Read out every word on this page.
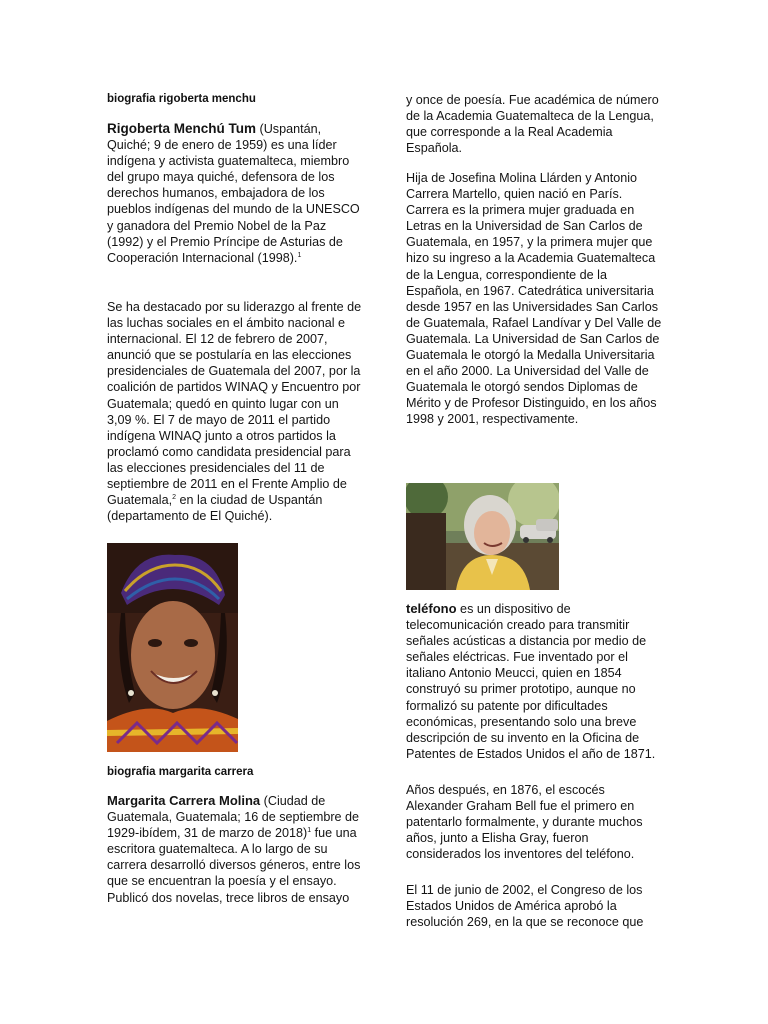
biografia rigoberta menchu

Rigoberta Menchú Tum (Uspantán, Quiché; 9 de enero de 1959) es una líder indígena y activista guatemalteca, miembro del grupo maya quiché, defensora de los derechos humanos, embajadora de los pueblos indígenas del mundo de la UNESCO y ganadora del Premio Nobel de la Paz (1992) y el Premio Príncipe de Asturias de Cooperación Internacional (1998).$^1$

Se ha destacado por su liderazgo al frente de las luchas sociales en el ámbito nacional e internacional. El 12 de febrero de 2007, anunció que se postularía en las elecciones presidenciales de Guatemala del 2007, por la coalición de partidos WINAQ y Encuentro por Guatemala; quedó en quinto lugar con un 3,09 %. El 7 de mayo de 2011 el partido indígena WINAQ junto a otros partidos la proclamó como candidata presidencial para las elecciones presidenciales del 11 de septiembre de 2011 en el Frente Amplio de Guatemala,$^2$ en la ciudad de Uspantán (departamento de El Quiché).

biografia margarita carrera

Margarita Carrera Molina (Ciudad de Guatemala, Guatemala; 16 de septiembre de 1929-ibídem, 31 de marzo de 2018)$^1$ fue una escritora guatemalteca. A lo largo de su carrera desarrolló diversos géneros, entre los que se encuentran la poesía y el ensayo. Publicó dos novelas, trece libros de ensayo

y once de poesía. Fue académica de número de la Academia Guatemalteca de la Lengua, que corresponde a la Real Academia Española.

Hija de Josefina Molina Llárden y Antonio Carrera Martello, quien nació en París. Carrera es la primera mujer graduada en Letras en la Universidad de San Carlos de Guatemala, en 1957, y la primera mujer que hizo su ingreso a la Academia Guatemalteca de la Lengua, correspondiente de la Española, en 1967. Catedrática universitaria desde 1957 en las Universidades San Carlos de Guatemala, Rafael Landívar y Del Valle de Guatemala. La Universidad de San Carlos de Guatemala le otorgó la Medalla Universitaria en el año 2000. La Universidad del Valle de Guatemala le otorgó sendos Diplomas de Mérito y de Profesor Distinguido, en los años 1998 y 2001, respectivamente.

teléfono es un dispositivo de telecomunicación creado para transmitir señales acústicas a distancia por medio de señales eléctricas. Fue inventado por el italiano Antonio Meucci, quien en 1854 construyó su primer prototipo, aunque no formalizó su patente por dificultades económicas, presentando solo una breve descripción de su invento en la Oficina de Patentes de Estados Unidos el año de 1871.

Años después, en 1876, el escocés Alexander Graham Bell fue el primero en patentarlo formalmente, y durante muchos años, junto a Elisha Gray, fueron considerados los inventores del teléfono.

El 11 de junio de 2002, el Congreso de los Estados Unidos de América aprobó la resolución 269, en la que se reconoce que
